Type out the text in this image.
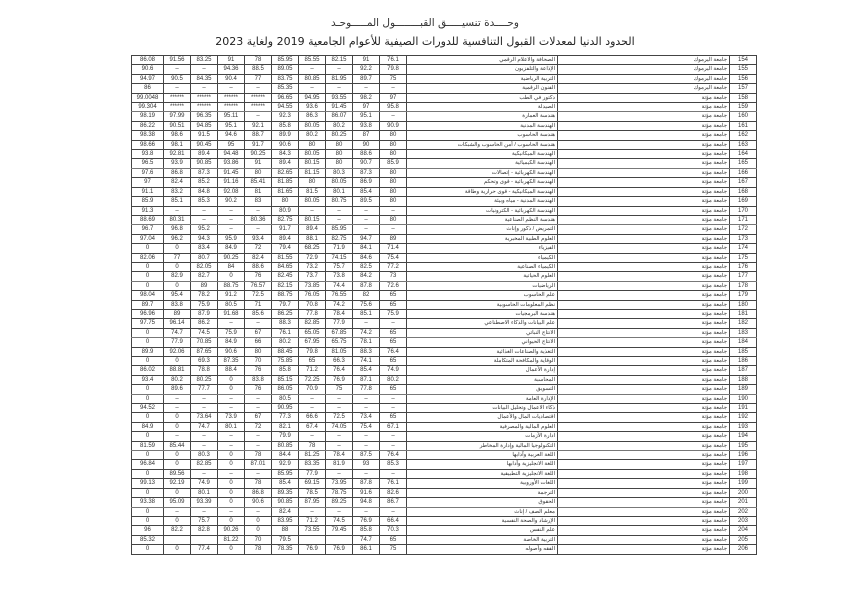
وحــــدة تنسيـــــق القبــــــــول المـــــوحـد
الحدود الدنيا لمعدلات القبول التنافسية للدورات الصيفية للأعوام الجامعية 2019 ولغاية 2023
86.08	91.56	83.25	91	78	85.95	85.55	82.15	91	76.1	الصحافة والاعلام الرقمي	جامعة اليرموك	154
90.6	–	–	94.36	88.5	89.05	–	–	92.2	79.8	الإذاعة والتلفزيون	جامعة اليرموك	155
94.97	90.5	84.35	90.4	77	83.75	80.85	81.95	89.7	75	التربية الرياضية	جامعة اليرموك	156
86	–	–	–	–	85.35	–	–	–	–	الفنون الرقمية	جامعة اليرموك	157
99.0048	******	******	******	******	96.65	94.95	93.55	98.2	97	دكتور في الطب	جامعة مؤتة	158
99.304	******	******	******	******	94.55	93.6	91.45	97	95.8	الصيدلة	جامعة مؤتة	159
98.19	97.99	96.35	95.11	–	92.3	86.3	86.07	95.1	–	هندسة العمارة	جامعة مؤتة	160
86.22	90.51	94.85	95.1	92.1	85.8	80.05	80.2	93.8	90.9	الهندسة المدنية	جامعة مؤتة	161
98.38	98.6	91.5	94.6	88.7	89.9	80.2	80.25	87	80	هندسة الحاسوب	جامعة مؤتة	162
98.66	98.1	90.45	95	91.7	90.6	80	80	90	80	هندسة الحاسوب / أمن الحاسوب والشبكات	جامعة مؤتة	163
93.8	92.81	89.4	94.48	90.25	84.3	80.05	80	88.6	80	الهندسة الميكانيكية	جامعة مؤتة	164
96.5	93.9	90.85	93.86	91	89.4	80.15	80	90.7	85.9	الهندسة الكيميائية	جامعة مؤتة	165
97.6	86.8	87.3	91.45	80	82.65	81.15	80.3	87.3	80	الهندسة الكهربائية - إتصالات	جامعة مؤتة	166
97	82.4	85.2	91.16	85.41	81.85	80	80.05	86.9	80	الهندسة الكهربائية - قوى وتحكم	جامعة مؤتة	167
91.1	83.2	84.8	92.08	81	81.65	81.5	80.1	85.4	80	الهندسة الميكانيكية - قوى حرارية وطاقة	جامعة مؤتة	168
85.9	85.1	85.3	90.2	83	80	80.05	80.75	89.5	80	الهندسة المدنية - مياه وبيئة	جامعة مؤتة	169
91.3	–	–	–	–	80.9	–	–	–	–	الهندسة الكهربائية - الكترونيات	جامعة مؤتة	170
88.69	80.31	–	–	80.36	82.75	80.15	–	–	80	هندسة النظم الصناعية	جامعة مؤتة	171
96.7	96.8	95.2	–	–	91.7	89.4	85.95	–	–	التمريض / ذكور وإناث	جامعة مؤتة	172
97.04	96.2	94.3	95.9	93.4	89.4	88.1	82.75	94.7	89	العلوم الطبية المخبرية	جامعة مؤتة	173
0	0	83.4	84.9	72	79.4	68.25	71.9	84.1	71.4	الفيزياء	جامعة مؤتة	174
82.06	77	80.7	90.25	82.4	81.55	72.9	74.15	84.6	75.4	الكيمياء	جامعة مؤتة	175
0	0	82.05	84	88.6	84.65	73.2	75.7	82.5	77.2	الكيمياء الصناعية	جامعة مؤتة	176
0	82.9	82.7	0	76	82.45	73.7	73.8	84.2	73	العلوم الحياتية	جامعة مؤتة	177
0	0	89	88.75	76.57	82.15	73.85	74.4	87.8	72.6	الرياضيات	جامعة مؤتة	178
98.04	95.4	78.2	91.2	72.5	88.75	76.05	76.55	82	65	علم الحاسوب	جامعة مؤتة	179
89.7	83.8	75.9	80.5	71	79.7	70.8	74.2	75.6	65	نظم المعلومات الحاسوبية	جامعة مؤتة	180
96.96	89	87.9	91.68	85.6	86.25	77.8	78.4	85.1	75.9	هندسة البرمجيات	جامعة مؤتة	181
97.75	96.14	86.2	–	–	88.3	82.85	77.9	–	–	علم البيانات والذكاء الاصطناعي	جامعة مؤتة	182
0	74.7	74.5	75.9	67	76.1	65.05	67.85	74.2	65	الانتاج النباتي	جامعة مؤتة	183
0	77.9	70.85	84.9	66	80.2	67.95	65.75	78.1	65	الانتاج الحيواني	جامعة مؤتة	184
89.9	92.06	87.65	90.6	80	88.45	79.8	81.05	88.3	76.4	التغذية والصناعات الغذائية	جامعة مؤتة	185
0	0	69.3	87.35	70	75.85	65	66.3	74.1	65	الوقاية والمكافحة المتكاملة	جامعة مؤتة	186
86.02	88.81	78.8	88.4	76	85.8	71.2	76.4	85.4	74.9	إدارة الأعمال	جامعة مؤتة	187
93.4	80.2	80.25	0	83.8	85.15	72.25	76.9	87.1	80.2	المحاسبة	جامعة مؤتة	188
0	89.6	77.7	0	76	86.05	70.9	75	77.8	65	التسويق	جامعة مؤتة	189
0	–	–	–	–	80.5	–	–	–	–	الإدارة العامة	جامعة مؤتة	190
94.52	–	–	–	–	90.95	–	–	–	–	ذكاء الاعمال وتحليل البيانات	جامعة مؤتة	191
0	0	73.64	73.9	67	77.3	66.6	72.5	73.4	65	اقتصاديات المال والأعمال	جامعة مؤتة	192
84.9	0	74.7	80.1	72	82.1	67.4	74.05	75.4	67.1	العلوم المالية والمصرفية	جامعة مؤتة	193
0	–	–	–	–	79.9	–	–	–	–	ادارة الأزمات	جامعة مؤتة	194
81.59	85.44	–	–	–	80.85	78	–	–	–	التكنولوجيا المالية وإدارة المخاطر	جامعة مؤتة	195
0	0	80.3	0	78	84.4	81.25	78.4	87.5	76.4	اللغة العربية وآدابها	جامعة مؤتة	196
96.84	0	82.85	0	87.01	92.9	83.35	81.9	93	85.3	اللغة الانجليزية وآدابها	جامعة مؤتة	197
0	89.56	–	–	–	85.95	77.9	–	–	–	اللغة الانجليزية التطبيقية	جامعة مؤتة	198
99.13	92.19	74.9	0	78	85.4	69.15	73.95	87.8	76.1	اللغات الأوروبية	جامعة مؤتة	199
0	0	80.1	0	86.8	89.35	78.5	78.75	91.6	82.6	الترجمة	جامعة مؤتة	200
93.38	95.09	93.39	0	90.6	90.85	87.95	89.25	94.8	86.7	الحقوق	جامعة مؤتة	201
0	–	–	–	–	82.4	–	–	–	–	معلم الصف / إناث	جامعة مؤتة	202
0	0	75.7	0	0	83.95	71.2	74.5	76.9	66.4	الإرشاد والصحة النفسية	جامعة مؤتة	203
96	82.2	82.8	90.26	0	88	73.55	79.45	85.8	70.3	علم النفس	جامعة مؤتة	204
85.32			81.22	70	79.5			74.7	65	التربية الخاصة	جامعة مؤتة	205
0	0	77.4	0	78	78.35	76.9	76.9	86.1	75	الفقه وأصوله	جامعة مؤتة	206
